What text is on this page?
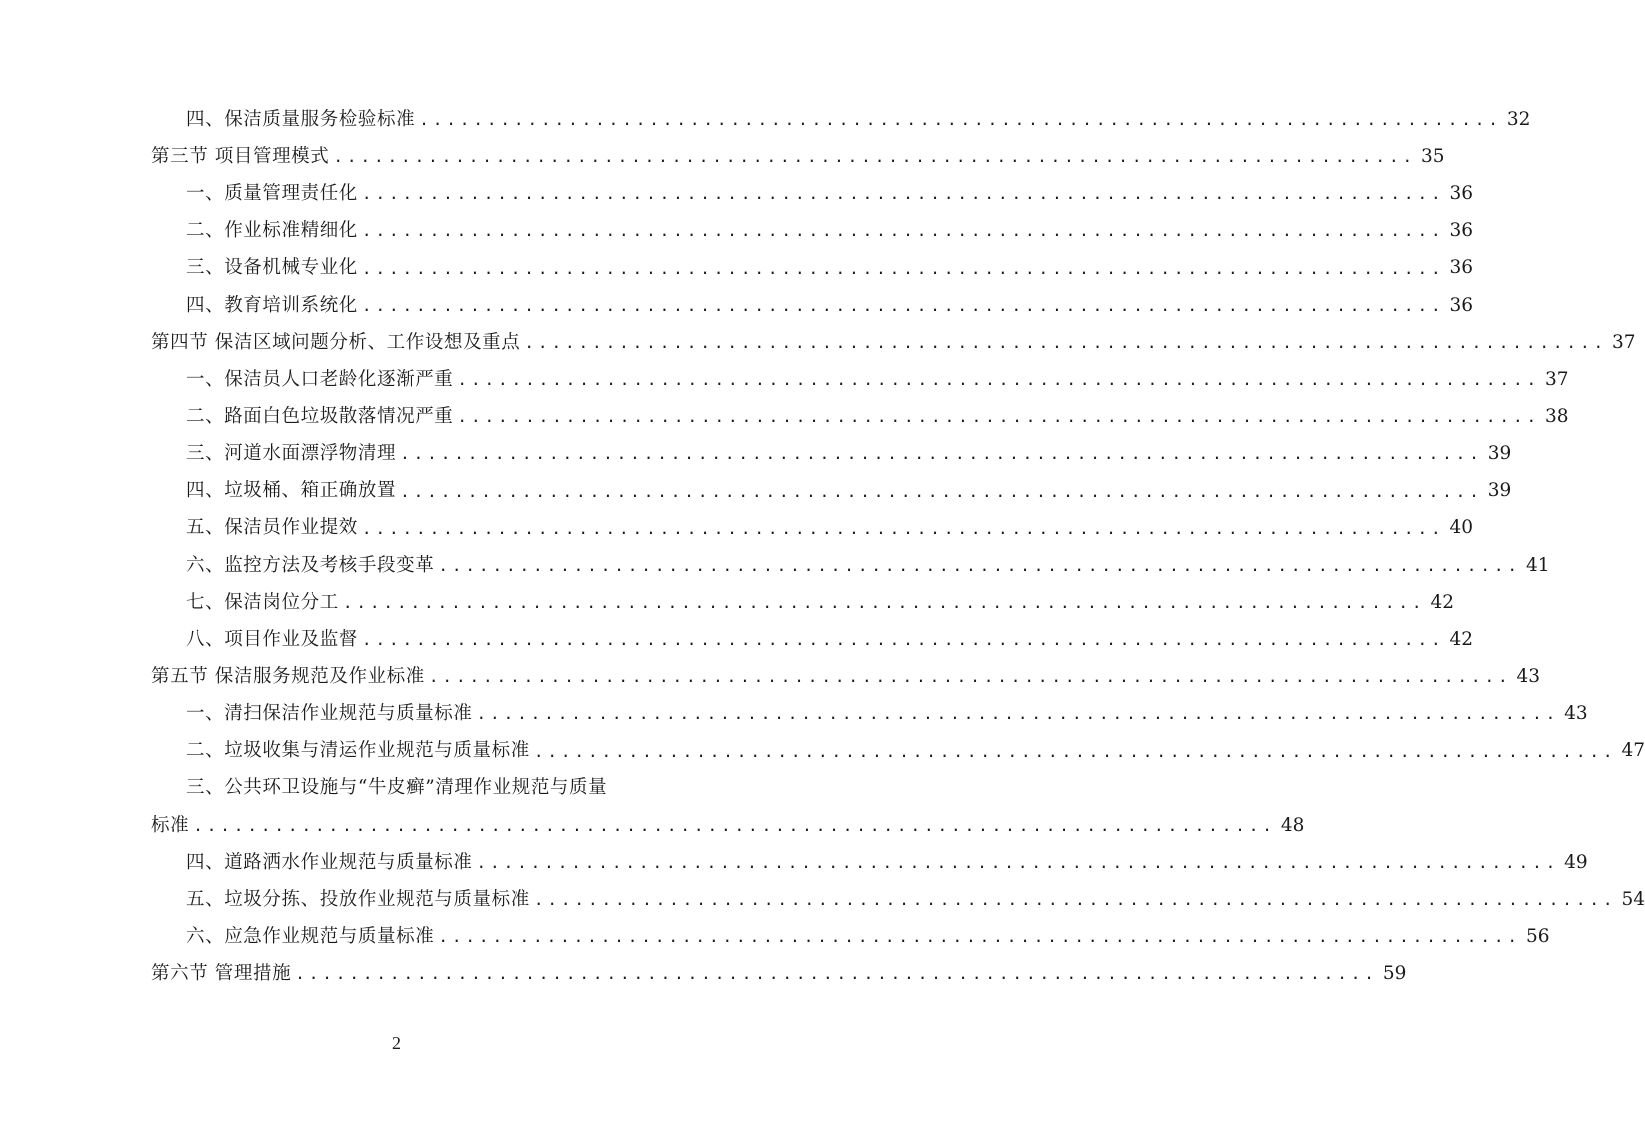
四、保洁质量服务检验标准 ................................................................................ 32
第三节 项目管理模式 ................................................................................ 35
一、质量管理责任化 ................................................................................ 36
二、作业标准精细化 ................................................................................ 36
三、设备机械专业化 ................................................................................ 36
四、教育培训系统化 ................................................................................ 36
第四节 保洁区域问题分析、工作设想及重点 ................................................................................ 37
一、保洁员人口老龄化逐渐严重 ................................................................................ 37
二、路面白色垃圾散落情况严重 ................................................................................ 38
三、河道水面漂浮物清理 ................................................................................ 39
四、垃圾桶、箱正确放置 ................................................................................ 39
五、保洁员作业提效 ................................................................................ 40
六、监控方法及考核手段变革 ................................................................................ 41
七、保洁岗位分工 ................................................................................ 42
八、项目作业及监督 ................................................................................ 42
第五节 保洁服务规范及作业标准 ................................................................................ 43
一、清扫保洁作业规范与质量标准 ................................................................................ 43
二、垃圾收集与清运作业规范与质量标准 ................................................................................ 47
三、公共环卫设施与“牛皮癣”清理作业规范与质量
标准 ................................................................................ 48
四、道路洒水作业规范与质量标准 ................................................................................ 49
五、垃圾分拣、投放作业规范与质量标准 ................................................................................ 54
六、应急作业规范与质量标准 ................................................................................ 56
第六节 管理措施 ................................................................................ 59
2
